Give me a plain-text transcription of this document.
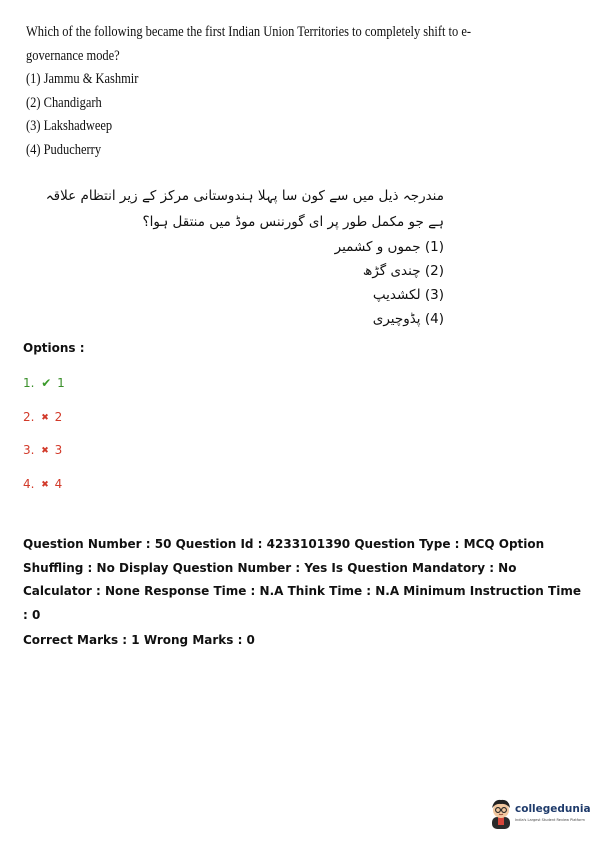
Which of the following became the first Indian Union Territories to completely shift to e-
governance mode?
(1) Jammu & Kashmir
(2) Chandigarh
(3) Lakshadweep
(4) Puducherry
مندرجہ ذیل میں سے کون سا پہلا ہندوستانی مرکز کے زیر انتظام علاقہ ہے جو مکمل طور پر ای گورننس موڈ میں منتقل ہوا؟
(1) جموں و کشمیر
(2) چندی گڑھ
(3) لکشدیپ
(4) پڈوچیری
Options :
1. ✔ 1
2. ✖ 2
3. ✖ 3
4. ✖ 4
Question Number : 50 Question Id : 4233101390 Question Type : MCQ Option Shuffling : No Display Question Number : Yes Is Question Mandatory : No Calculator : None Response Time : N.A Think Time : N.A Minimum Instruction Time : 0
Correct Marks : 1 Wrong Marks : 0
collegedunia
India's Largest Student Review Platform
